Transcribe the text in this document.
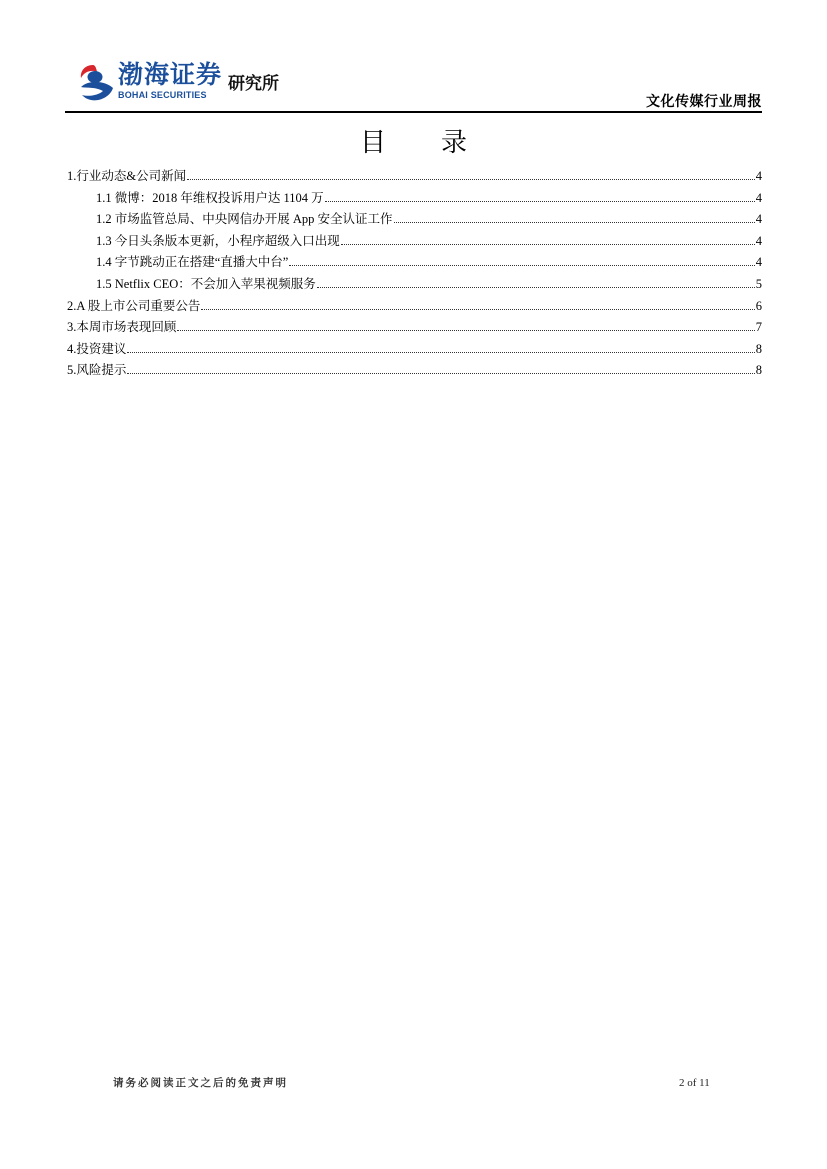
渤海证券
BOHAI SECURITIES
研究所
文化传媒行业周报
目  录
1.行业动态&公司新闻	4
1.1 微博：2018 年维权投诉用户达 1104 万	4
1.2 市场监管总局、中央网信办开展 App 安全认证工作	4
1.3 今日头条版本更新，小程序超级入口出现	4
1.4 字节跳动正在搭建“直播大中台”	4
1.5 Netflix CEO：不会加入苹果视频服务	5
2.A 股上市公司重要公告	6
3.本周市场表现回顾	7
4.投资建议	8
5.风险提示	8
请务必阅读正文之后的免责声明	2 of 11
